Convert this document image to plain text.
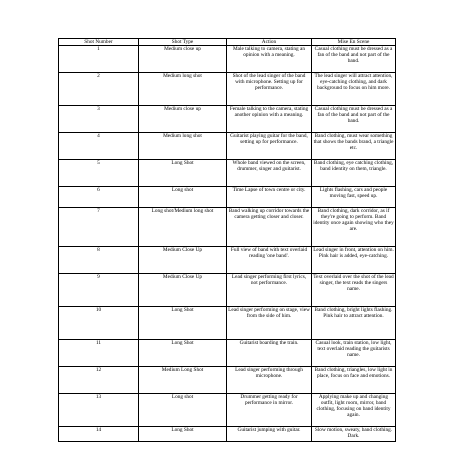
Shot Number	Shot Type	Action	Mise En Scene
1	Medium close up	Male talking to camera, stating an opinion with a meaning.	Casual clothing must be dressed as a fan of the band and not part of the band.
2	Medium long shot	Shot of the lead singer of the band with microphone. Setting up for performance.	The lead singer will attract attention, eye-catching clothing, and dark background to focus on him more.
3	Medium close up	Female talking to the camera, stating another opinion with a meaning.	Casual clothing must be dressed as a fan of the band and not part of the band.
4	Medium long shot	Guitarist playing guitar for the band, setting up for performance.	Band clothing, must wear something that shows the bands brand, a triangle etc.
5	Long Shot	Whole band viewed on the screen, drummer, singer and guitarist.	Band clothing, eye catching clothing, band identity on them, triangle.
6	Long shot	Time Lapse of town centre or city.	Lights flashing, cars and people moving fast, speed up.
7	Long shot/Medium long shot	Band walking up corridor towards the camera getting closer and closer.	Band clothing, dark corridor, as if they're going to perform. Band identity once again showing who they are.
8	Medium Close Up	Full view of band with text overlaid reading 'one band'.	Lead singer in front, attention on him. Pink hair is added, eye-catching.
9	Medium Close Up	Lead singer performing first lyrics, not performance.	Text overlaid over the shot of the lead singer, the text reads the singers name.
10	Long Shot	Lead singer performing on stage, view from the side of him.	Band clothing, bright lights flashing. Pink hair to attract attention.
11	Long Shot	Guitarist boarding the train.	Casual look, train station, low light, text overlaid reading the guitarists name.
12	Medium Long Shot	Lead singer performing through microphone.	Band clothing, triangles, low light in place, focus on face and emotions.
13	Long shot	Drummer getting ready for performance in mirror.	Applying make up and changing outfit, light room, mirror, band clothing, focusing on band identity again.
14	Long Shot	Guitarist jumping with guitar.	Slow motion, sweaty, band clothing. Dark.
